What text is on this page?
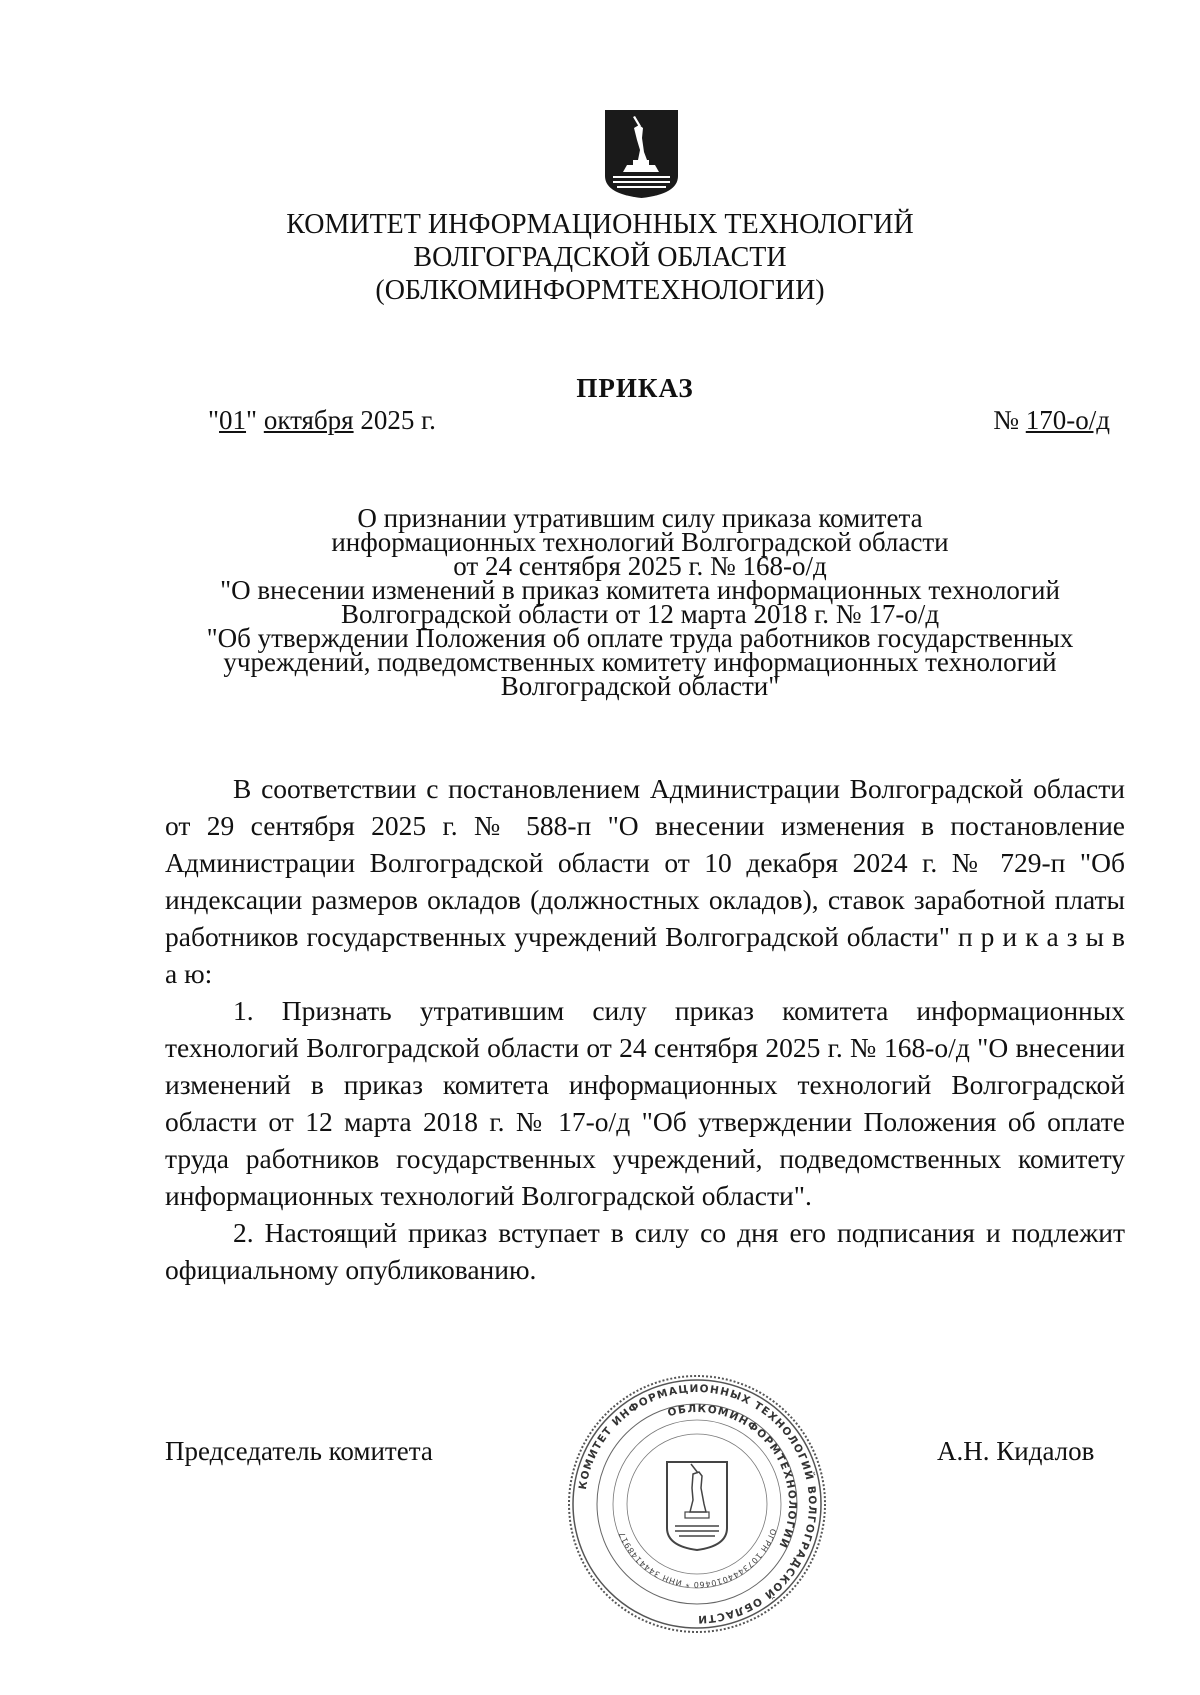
КОМИТЕТ ИНФОРМАЦИОННЫХ ТЕХНОЛОГИЙ
ВОЛГОГРАДСКОЙ ОБЛАСТИ
(ОБЛКОМИНФОРМТЕХНОЛОГИИ)
ПРИКАЗ
"01" октября 2025 г.	№ 170-о/д
О признании утратившим силу приказа комитета
информационных технологий Волгоградской области
от 24 сентября 2025 г. № 168-о/д
"О внесении изменений в приказ комитета информационных технологий
Волгоградской области от 12 марта 2018 г. № 17-о/д
"Об утверждении Положения об оплате труда работников государственных
учреждений, подведомственных комитету информационных технологий
Волгоградской области"

В соответствии с постановлением Администрации Волгоградской области от 29 сентября 2025 г. № 588-п "О внесении изменения в постановление Администрации Волгоградской области от 10 декабря 2024 г. № 729-п "Об индексации размеров окладов (должностных окладов), ставок заработной платы работников государственных учреждений Волгоградской области" п р и к а з ы в а ю:

1. Признать утратившим силу приказ комитета информационных технологий Волгоградской области от 24 сентября 2025 г. № 168-о/д "О внесении изменений в приказ комитета информационных технологий Волгоградской области от 12 марта 2018 г. № 17-о/д "Об утверждении Положения об оплате труда работников государственных учреждений, подведомственных комитету информационных технологий Волгоградской области".

2. Настоящий приказ вступает в силу со дня его подписания и подлежит официальному опубликованию.

Председатель комитета	А.Н. Кидалов
КОМИТЕТ ИНФОРМАЦИОННЫХ ТЕХНОЛОГИЙ ВОЛГОГРАДСКОЙ ОБЛАСТИ
ОБЛКОМИНФОРМТЕХНОЛОГИИ
ОГРН 1073444010460 * ИНН 3444148917
